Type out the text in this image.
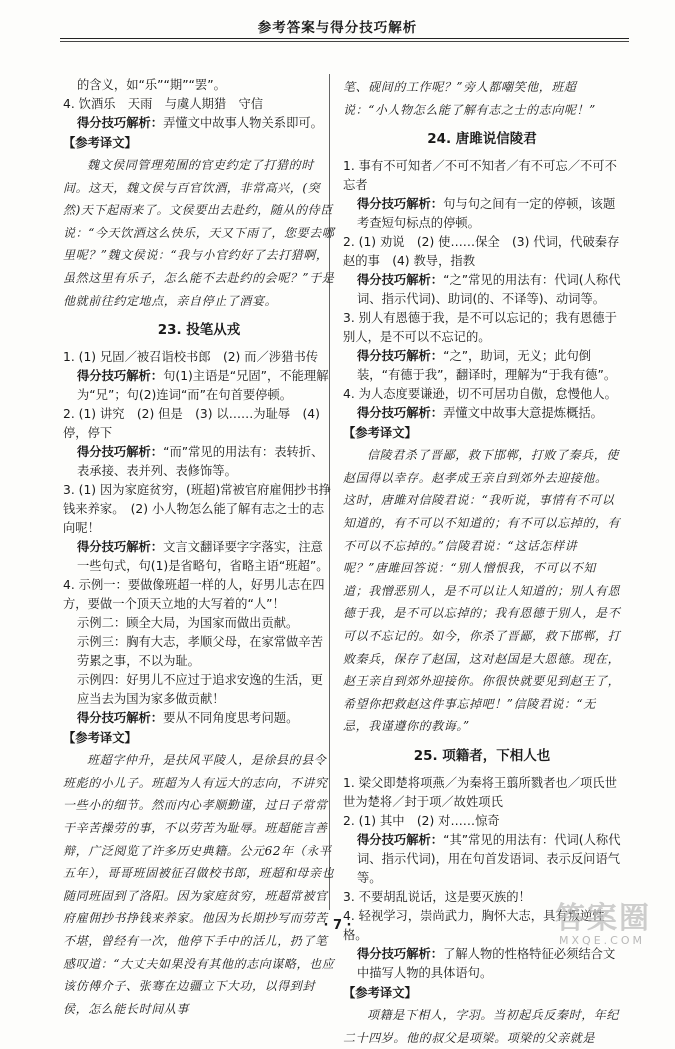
参考答案与得分技巧解析

的含义，如“乐”“期”“罢”。

4. 饮酒乐　天雨　与虞人期猎　守信

得分技巧解析：弄懂文中故事人物关系即可。

【参考译文】

魏文侯同管理苑囿的官吏约定了打猎的时间。这天，魏文侯与百官饮酒，非常高兴，(突然)天下起雨来了。文侯要出去赴约，随从的侍臣说：“今天饮酒这么快乐，天又下雨了，您要去哪里呢？”魏文侯说：“我与小官约好了去打猎啊，虽然这里有乐子，怎么能不去赴约的会呢？”于是他就前往约定地点，亲自停止了酒宴。

23. 投笔从戎

1. (1) 兄固／被召诣校书郎　(2) 而／涉猎书传

得分技巧解析：句(1)主语是“兄固”，不能理解为“兄”；句(2)连词“而”在句首要停顿。

2. (1) 讲究　(2) 但是　(3) 以……为耻辱　(4) 停，停下

得分技巧解析：“而”常见的用法有：表转折、表承接、表并列、表修饰等。

3. (1) 因为家庭贫穷，(班超)常被官府雇佣抄书挣钱来养家。　(2) 小人物怎么能了解有志之士的志向呢！

得分技巧解析：文言文翻译要字字落实，注意一些句式，句(1)是省略句，省略主语“班超”。

4. 示例一：要做像班超一样的人，好男儿志在四方，要做一个顶天立地的大写着的“人”！

示例二：顾全大局，为国家而做出贡献。

示例三：胸有大志，孝顺父母，在家常做辛苦劳累之事，不以为耻。

示例四：好男儿不应过于追求安逸的生活，更应当去为国为家多做贡献！

得分技巧解析：要从不同角度思考问题。

【参考译文】

班超字仲升，是扶风平陵人，是徐县的县令班彪的小儿子。班超为人有远大的志向，不讲究一些小的细节。然而内心孝顺勤谨，过日子常常干辛苦操劳的事，不以劳苦为耻辱。班超能言善辩，广泛阅览了许多历史典籍。公元62年（永平五年），哥哥班固被征召做校书郎，班超和母亲也随同班固到了洛阳。因为家庭贫穷，班超常被官府雇佣抄书挣钱来养家。他因为长期抄写而劳苦不堪，曾经有一次，他停下手中的活儿，扔了笔感叹道：“大丈夫如果没有其他的志向谋略，也应该仿傅介子、张骞在边疆立下大功，以得到封侯，怎么能长时间从事

笔、砚间的工作呢？”旁人都嘲笑他，班超说：“小人物怎么能了解有志之士的志向呢！”

24. 唐雎说信陵君

1. 事有不可知者／不可不知者／有不可忘／不可不忘者

得分技巧解析：句与句之间有一定的停顿，该题考查短句标点的停顿。

2. (1) 劝说　(2) 使……保全　(3) 代词，代破秦存赵的事　(4) 教导，指教

得分技巧解析：“之”常见的用法有：代词(人称代词、指示代词)、助词(的、不译等)、动词等。

3. 别人有恩德于我，是不可以忘记的；我有恩德于别人，是不可以不忘记的。

得分技巧解析：“之”，助词，无义；此句倒装，“有德于我”，翻译时，理解为“于我有德”。

4. 为人态度要谦逊，切不可居功自傲，怠慢他人。

得分技巧解析：弄懂文中故事大意提炼概括。

【参考译文】

信陵君杀了晋鄙，救下邯郸，打败了秦兵，使赵国得以幸存。赵孝成王亲自到郊外去迎接他。　这时，唐雎对信陵君说：“我听说，事情有不可以知道的，有不可以不知道的；有不可以忘掉的，有不可以不忘掉的。”信陵君说：“这话怎样讲呢？”唐雎回答说：“别人憎恨我，不可以不知道；我憎恶别人，是不可以让人知道的；别人有恩德于我，是不可以忘掉的；我有恩德于别人，是不可以不忘记的。如今，你杀了晋鄙，救下邯郸，打败秦兵，保存了赵国，这对赵国是大恩德。现在，赵王亲自到郊外迎接你。你很快就要见到赵王了，希望你把救赵这件事忘掉吧！”信陵君说：“无忌，我谨遵你的教诲。”

25. 项籍者，下相人也

1. 梁父即楚将项燕／为秦将王翦所戮者也／项氏世世为楚将／封于项／故姓项氏

2. (1) 其中　(2) 对……惊奇

得分技巧解析：“其”常见的用法有：代词(人称代词、指示代词)，用在句首发语词、表示反问语气等。

3. 不要胡乱说话，这是要灭族的！

4. 轻视学习，崇尚武力，胸怀大志，具有叛逆性格。

得分技巧解析：了解人物的性格特征必须结合文中描写人物的具体语句。

【参考译文】

项籍是下相人，字羽。当初起兵反秦时，年纪二十四岁。他的叔父是项梁。项梁的父亲就是

· 7 ·	答案圈
MXQE.COM
